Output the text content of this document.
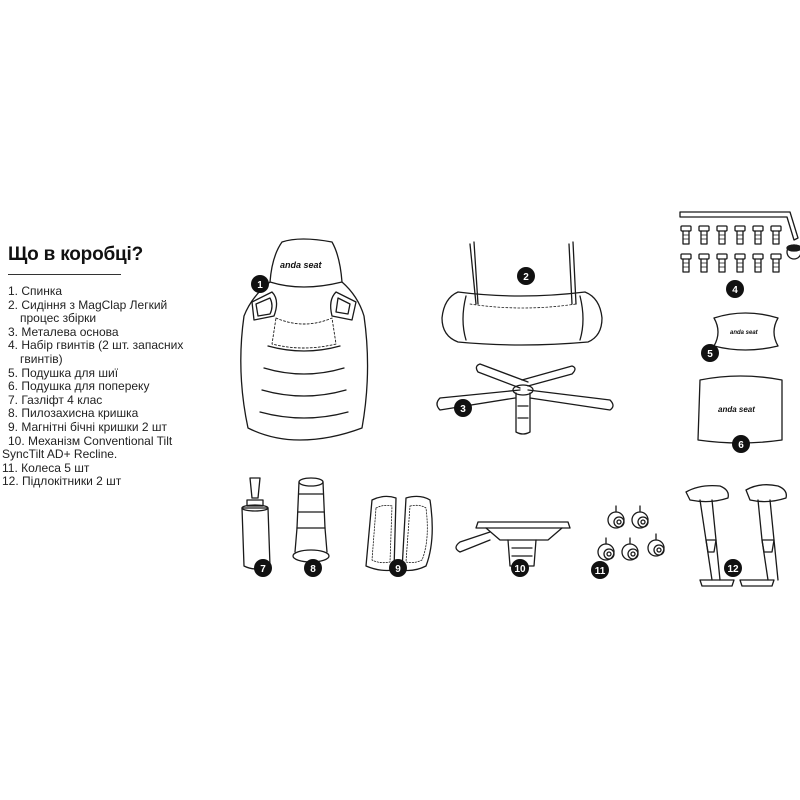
Що в коробці?
1. Спинка
2. Сидіння з MagClap Легкий процес збірки
3. Металева основа
4. Набір гвинтів (2 шт. запасних гвинтів)
5. Подушка для шиї
6. Подушка для попереку
7. Газліфт 4 клас
8. Пилозахисна кришка
9. Магнітні бічні кришки 2 шт
10. Механізм Conventional Tilt
SyncTilt AD+ Recline.
11. Колеса 5 шт
12. Підлокітники 2 шт
anda seat
anda seat
anda seat
1
2
3
4
5
6
7	8	9	10	11	12
